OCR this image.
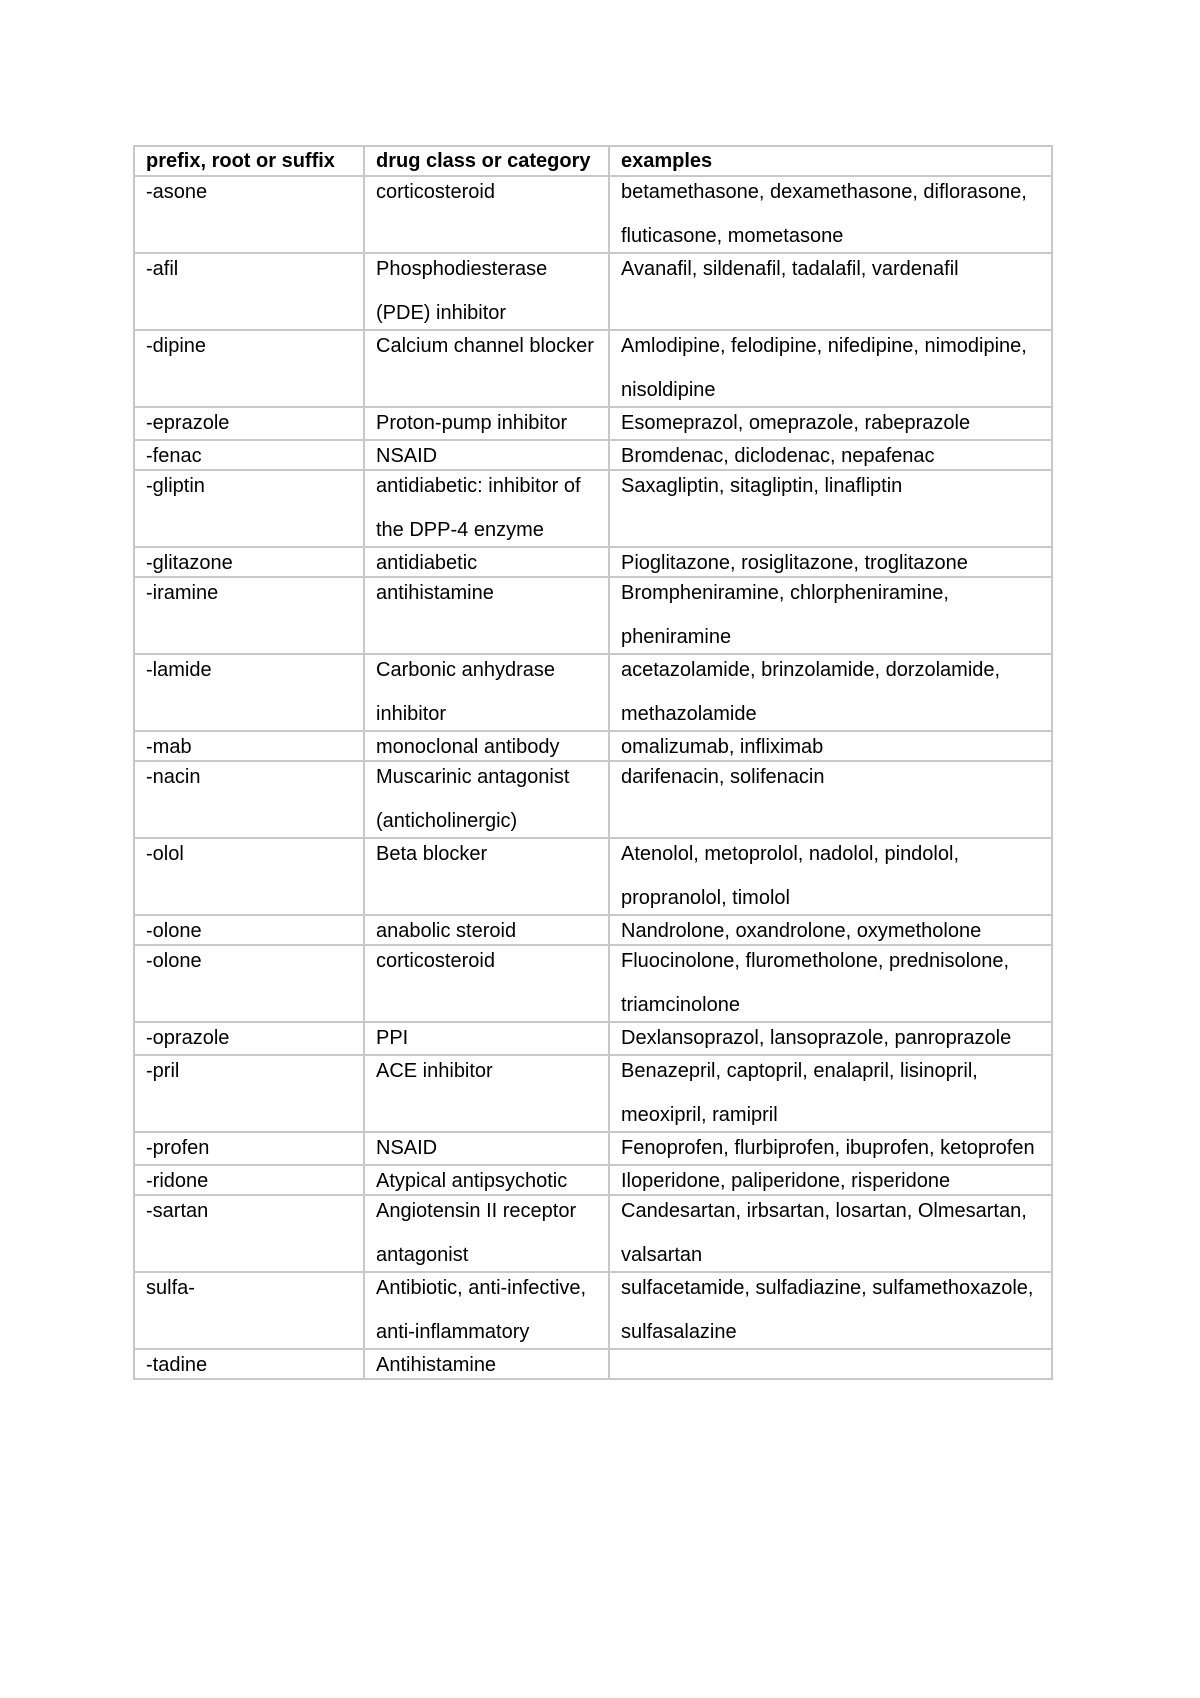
prefix, root or suffix	drug class or category	examples

-asone	corticosteroid	betamethasone, dexamethasone, diflorasone, fluticasone, mometasone

-afil	Phosphodiesterase (PDE) inhibitor	Avanafil, sildenafil, tadalafil, vardenafil

-dipine	Calcium channel blocker	Amlodipine, felodipine, nifedipine, nimodipine, nisoldipine

-eprazole	Proton-pump inhibitor	Esomeprazol, omeprazole, rabeprazole

-fenac	NSAID	Bromdenac, diclodenac, nepafenac

-gliptin	antidiabetic: inhibitor of the DPP-4 enzyme	Saxagliptin, sitagliptin, linafliptin

-glitazone	antidiabetic	Pioglitazone, rosiglitazone, troglitazone

-iramine	antihistamine	Brompheniramine, chlorpheniramine, pheniramine

-lamide	Carbonic anhydrase inhibitor	acetazolamide, brinzolamide, dorzolamide, methazolamide

-mab	monoclonal antibody	omalizumab, infliximab

-nacin	Muscarinic antagonist (anticholinergic)	darifenacin, solifenacin

-olol	Beta blocker	Atenolol, metoprolol, nadolol, pindolol, propranolol, timolol

-olone	anabolic steroid	Nandrolone, oxandrolone, oxymetholone

-olone	corticosteroid	Fluocinolone, flurometholone, prednisolone, triamcinolone

-oprazole	PPI	Dexlansoprazol, lansoprazole, panroprazole

-pril	ACE inhibitor	Benazepril, captopril, enalapril, lisinopril, meoxipril, ramipril

-profen	NSAID	Fenoprofen, flurbiprofen, ibuprofen, ketoprofen

-ridone	Atypical antipsychotic	Iloperidone, paliperidone, risperidone

-sartan	Angiotensin II receptor antagonist	Candesartan, irbsartan, losartan, Olmesartan, valsartan

sulfa-	Antibiotic, anti-infective, anti-inflammatory	sulfacetamide, sulfadiazine, sulfamethoxazole, sulfasalazine

-tadine	Antihistamine	
